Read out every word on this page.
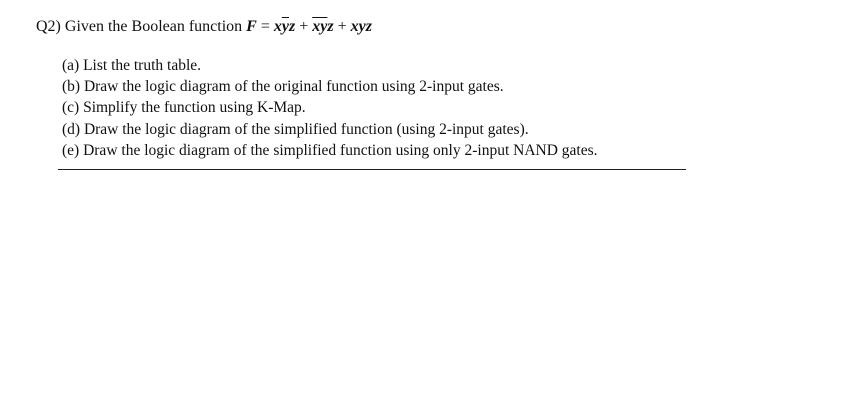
Q2) Given the Boolean function $F = x\overline{y}z + \overline{xy}z$ + xyz
(a) List the truth table.
(b) Draw the logic diagram of the original function using 2-input gates.
(c) Simplify the function using K-Map.
(d) Draw the logic diagram of the simplified function (using 2-input gates).
(e) Draw the logic diagram of the simplified function using only 2-input NAND gates.
